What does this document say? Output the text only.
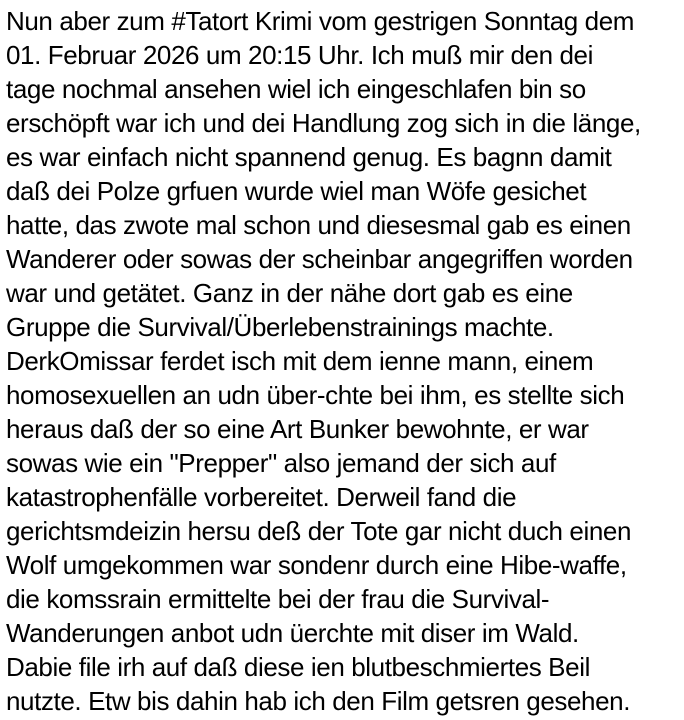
Nun aber zum #Tatort Krimi vom gestrigen Sonntag dem
01. Februar 2026 um 20:15 Uhr. Ich muß mir den dei
tage nochmal ansehen wiel ich eingeschlafen bin so
erschöpft war ich und dei Handlung zog sich in die länge,
es war einfach nicht spannend genug. Es bagnn damit
daß dei Polze grfuen wurde wiel man Wöfe gesichet
hatte, das zwote mal schon und diesesmal gab es einen
Wanderer oder sowas der scheinbar angegriffen worden
war und getätet. Ganz in der nähe dort gab es eine
Gruppe die Survival/Überlebenstrainings machte.
DerkOmissar ferdet isch mit dem ienne mann, einem
homosexuellen an udn über-chte bei ihm, es stellte sich
heraus daß der so eine Art Bunker bewohnte, er war
sowas wie ein "Prepper" also jemand der sich auf
katastrophenfälle vorbereitet. Derweil fand die
gerichtsmdeizin hersu deß der Tote gar nicht duch einen
Wolf umgekommen war sondenr durch eine Hibe-waffe,
die komssrain ermittelte bei der frau die Survival-
Wanderungen anbot udn üerchte mit diser im Wald.
Dabie file irh auf daß diese ien blutbeschmiertes Beil
nutzte. Etw bis dahin hab ich den Film getsren gesehen.
